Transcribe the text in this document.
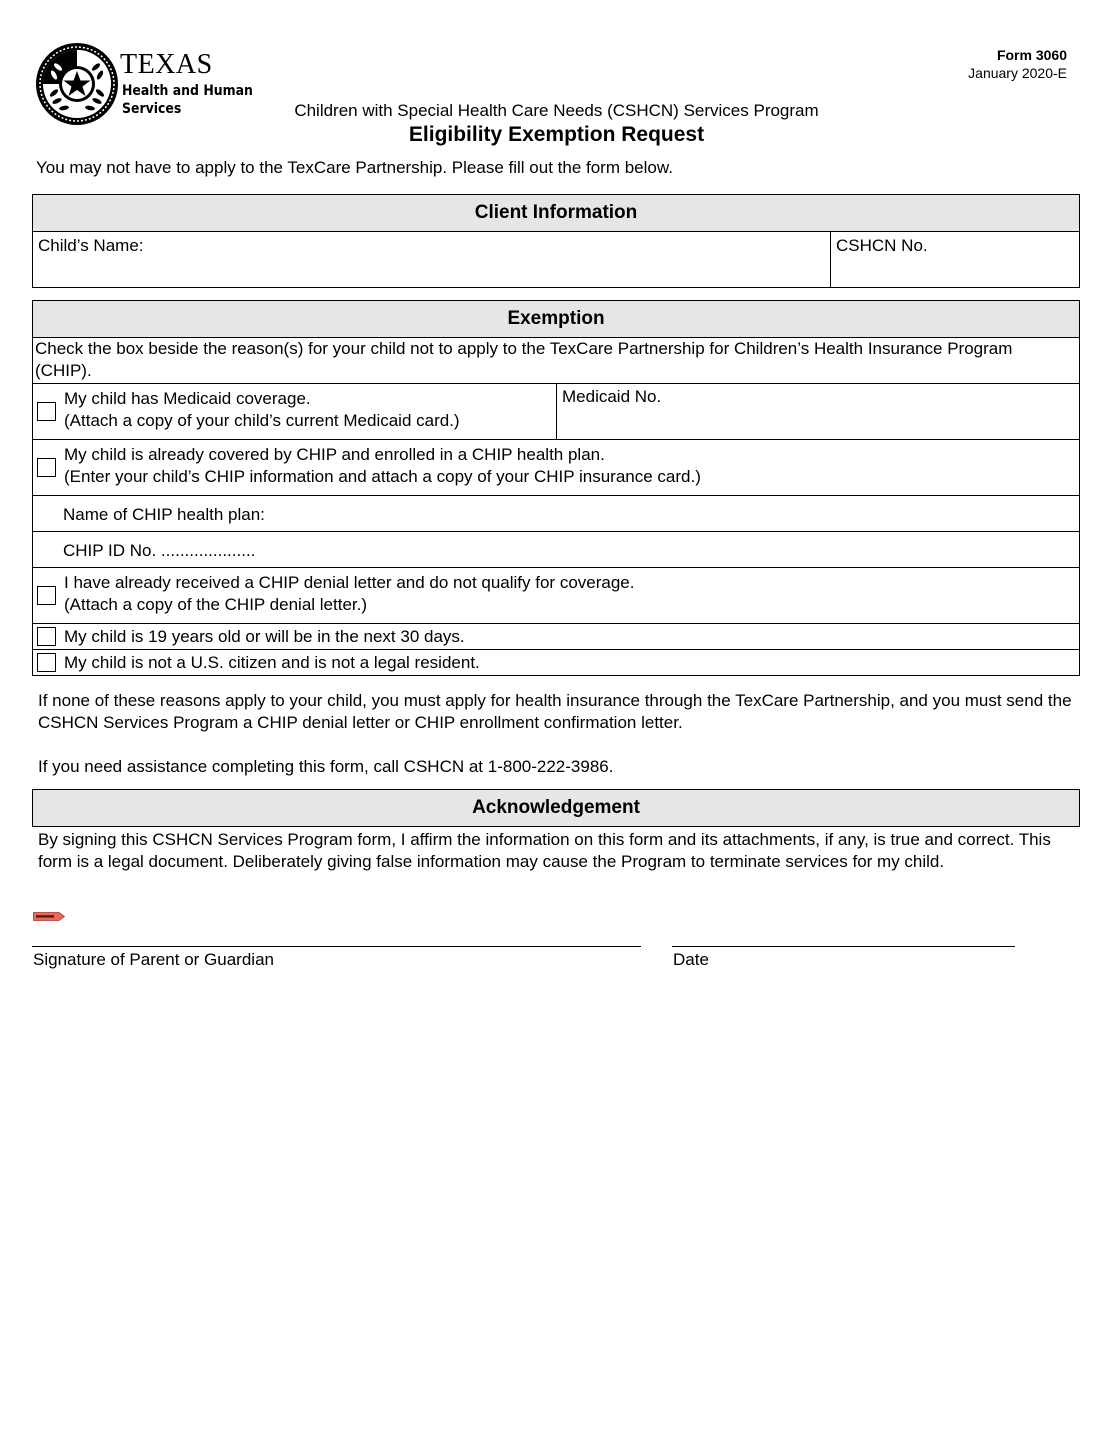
TEXAS
Health and Human
Services
Form 3060
January 2020-E
Children with Special Health Care Needs (CSHCN) Services Program
Eligibility Exemption Request
You may not have to apply to the TexCare Partnership. Please fill out the form below.
Client Information
Child’s Name:	CSHCN No.
Exemption
Check the box beside the reason(s) for your child not to apply to the TexCare Partnership for Children’s Health Insurance Program (CHIP).
My child has Medicaid coverage.
(Attach a copy of your child’s current Medicaid card.)
Medicaid No.
My child is already covered by CHIP and enrolled in a CHIP health plan.
(Enter your child’s CHIP information and attach a copy of your CHIP insurance card.)
Name of CHIP health plan:
CHIP ID No. ....................
I have already received a CHIP denial letter and do not qualify for coverage.
(Attach a copy of the CHIP denial letter.)
My child is 19 years old or will be in the next 30 days.
My child is not a U.S. citizen and is not a legal resident.
If none of these reasons apply to your child, you must apply for health insurance through the TexCare Partnership, and you must send the CSHCN Services Program a CHIP denial letter or CHIP enrollment confirmation letter.
If you need assistance completing this form, call CSHCN at 1-800-222-3986.
Acknowledgement
By signing this CSHCN Services Program form, I affirm the information on this form and its attachments, if any, is true and correct. This form is a legal document. Deliberately giving false information may cause the Program to terminate services for my child.
Signature of Parent or Guardian	Date
